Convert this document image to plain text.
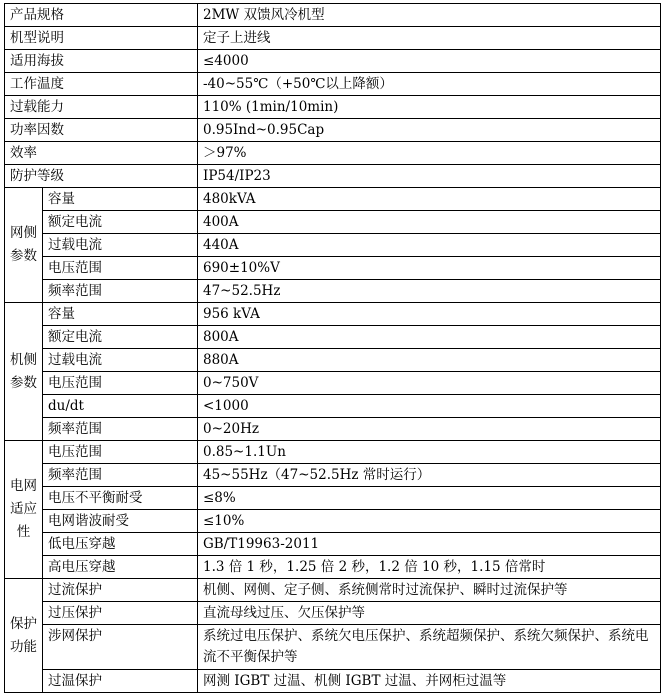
产品规格		2MW 双馈风冷机型
机型说明		定子上进线
适用海拔		≤4000
工作温度		-40~55℃（+50℃以上降额）
过载能力		110% (1min/10min)
功率因数		0.95Ind~0.95Cap
效率		＞97%
防护等级		IP54/IP23
网侧参数	容量	480kVA
	额定电流	400A
	过载电流	440A
	电压范围	690±10%V
	频率范围	47~52.5Hz
机侧参数	容量	956 kVA
	额定电流	800A
	过载电流	880A
	电压范围	0~750V
	du/dt	<1000
	频率范围	0~20Hz
电网适应性	电压范围	0.85~1.1Un
	频率范围	45~55Hz（47~52.5Hz 常时运行）
	电压不平衡耐受	≤8%
	电网谐波耐受	≤10%
	低电压穿越	GB/T19963-2011
	高电压穿越	1.3 倍 1 秒，1.25 倍 2 秒，1.2 倍 10 秒，1.15 倍常时
保护功能	过流保护	机侧、网侧、定子侧、系统侧常时过流保护、瞬时过流保护等
	过压保护	直流母线过压、欠压保护等
	涉网保护	系统过电压保护、系统欠电压保护、系统超频保护、系统欠频保护、系统电流不平衡保护等
	过温保护	网测 IGBT 过温、机侧 IGBT 过温、并网柜过温等
